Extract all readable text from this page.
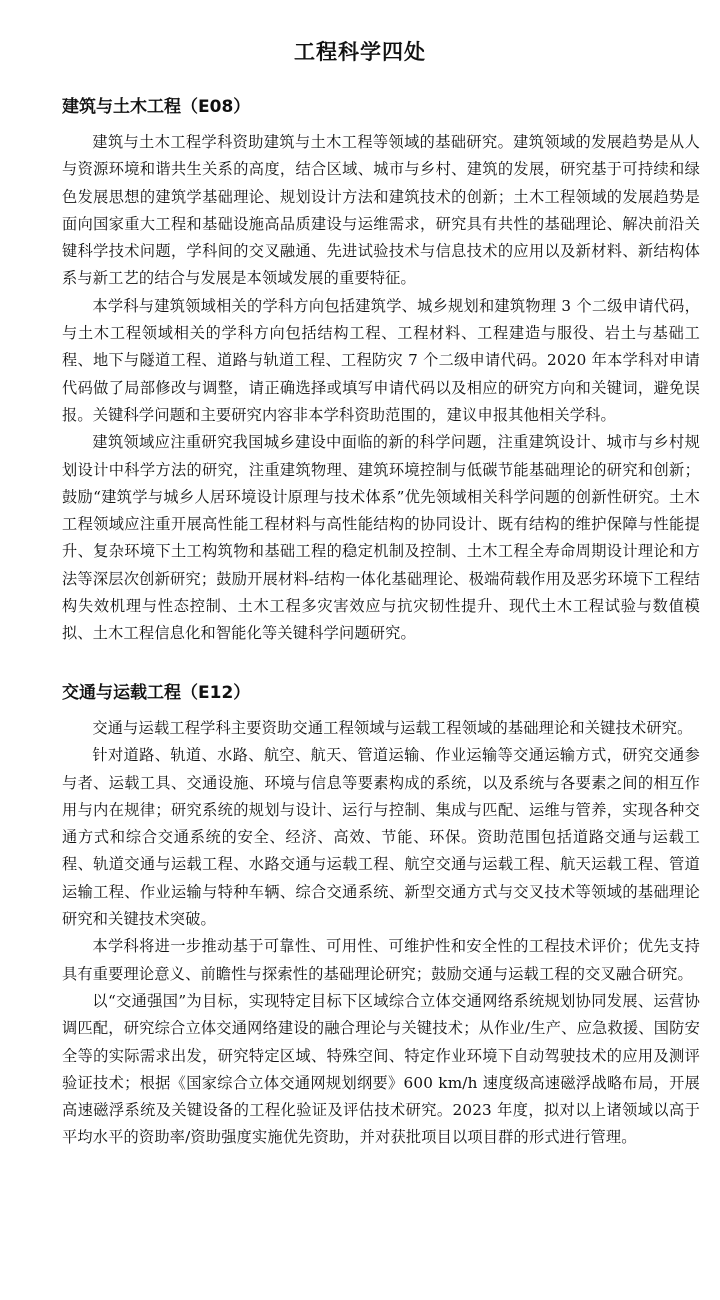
工程科学四处
建筑与土木工程（E08）

建筑与土木工程学科资助建筑与土木工程等领域的基础研究。建筑领域的发展趋势是从人与资源环境和谐共生关系的高度，结合区域、城市与乡村、建筑的发展，研究基于可持续和绿色发展思想的建筑学基础理论、规划设计方法和建筑技术的创新；土木工程领域的发展趋势是面向国家重大工程和基础设施高品质建设与运维需求，研究具有共性的基础理论、解决前沿关键科学技术问题，学科间的交叉融通、先进试验技术与信息技术的应用以及新材料、新结构体系与新工艺的结合与发展是本领域发展的重要特征。

本学科与建筑领域相关的学科方向包括建筑学、城乡规划和建筑物理 3 个二级申请代码，与土木工程领域相关的学科方向包括结构工程、工程材料、工程建造与服役、岩土与基础工程、地下与隧道工程、道路与轨道工程、工程防灾 7 个二级申请代码。2020 年本学科对申请代码做了局部修改与调整，请正确选择或填写申请代码以及相应的研究方向和关键词，避免误报。关键科学问题和主要研究内容非本学科资助范围的，建议申报其他相关学科。

建筑领域应注重研究我国城乡建设中面临的新的科学问题，注重建筑设计、城市与乡村规划设计中科学方法的研究，注重建筑物理、建筑环境控制与低碳节能基础理论的研究和创新；鼓励“建筑学与城乡人居环境设计原理与技术体系”优先领域相关科学问题的创新性研究。土木工程领域应注重开展高性能工程材料与高性能结构的协同设计、既有结构的维护保障与性能提升、复杂环境下土工构筑物和基础工程的稳定机制及控制、土木工程全寿命周期设计理论和方法等深层次创新研究；鼓励开展材料-结构一体化基础理论、极端荷载作用及恶劣环境下工程结构失效机理与性态控制、土木工程多灾害效应与抗灾韧性提升、现代土木工程试验与数值模拟、土木工程信息化和智能化等关键科学问题研究。

交通与运载工程（E12）

交通与运载工程学科主要资助交通工程领域与运载工程领域的基础理论和关键技术研究。

针对道路、轨道、水路、航空、航天、管道运输、作业运输等交通运输方式，研究交通参与者、运载工具、交通设施、环境与信息等要素构成的系统，以及系统与各要素之间的相互作用与内在规律；研究系统的规划与设计、运行与控制、集成与匹配、运维与管养，实现各种交通方式和综合交通系统的安全、经济、高效、节能、环保。资助范围包括道路交通与运载工程、轨道交通与运载工程、水路交通与运载工程、航空交通与运载工程、航天运载工程、管道运输工程、作业运输与特种车辆、综合交通系统、新型交通方式与交叉技术等领域的基础理论研究和关键技术突破。

本学科将进一步推动基于可靠性、可用性、可维护性和安全性的工程技术评价；优先支持具有重要理论意义、前瞻性与探索性的基础理论研究；鼓励交通与运载工程的交叉融合研究。

以“交通强国”为目标，实现特定目标下区域综合立体交通网络系统规划协同发展、运营协调匹配，研究综合立体交通网络建设的融合理论与关键技术；从作业/生产、应急救援、国防安全等的实际需求出发，研究特定区域、特殊空间、特定作业环境下自动驾驶技术的应用及测评验证技术；根据《国家综合立体交通网规划纲要》600 km/h 速度级高速磁浮战略布局，开展高速磁浮系统及关键设备的工程化验证及评估技术研究。2023 年度，拟对以上诸领域以高于平均水平的资助率/资助强度实施优先资助，并对获批项目以项目群的形式进行管理。
